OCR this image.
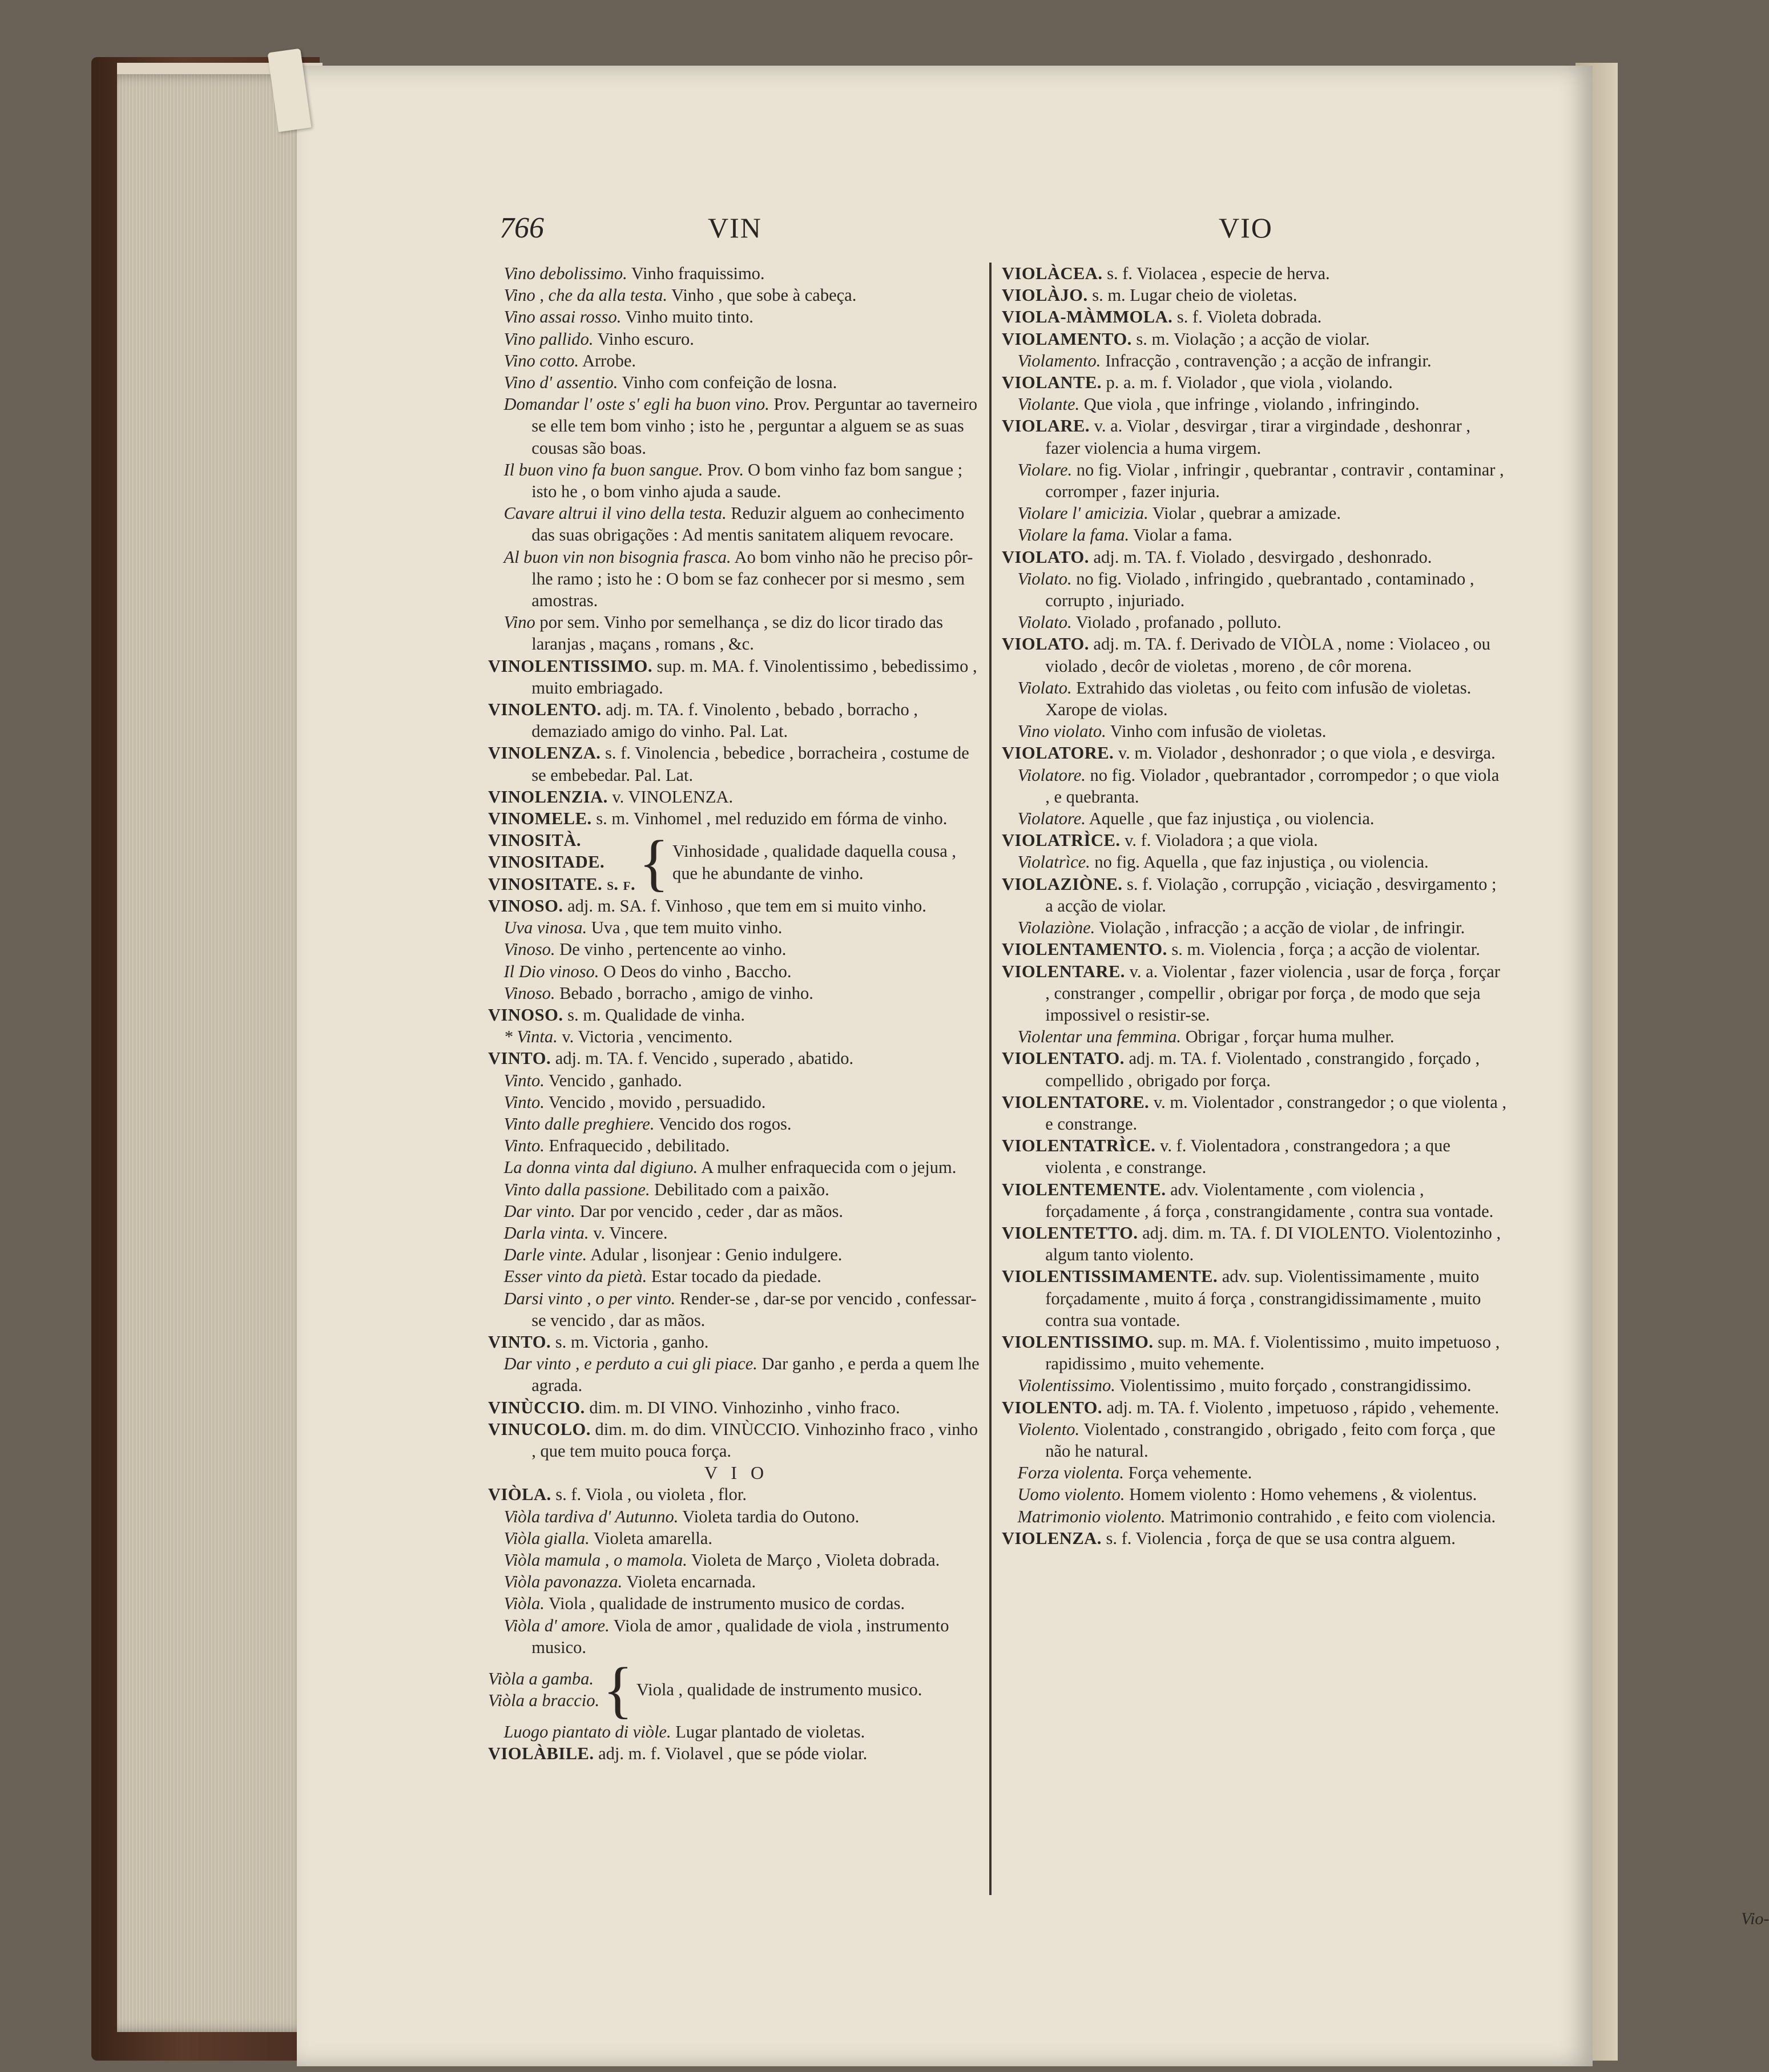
766	VIN	VIO
Vino debolissimo. Vinho fraquissimo.
Vino , che da alla testa. Vinho , que sobe à cabeça.
Vino assai rosso. Vinho muito tinto.
Vino pallido. Vinho escuro.
Vino cotto. Arrobe.
Vino d' assentio. Vinho com confeição de losna.
Domandar l' oste s' egli ha buon vino. Prov. Perguntar ao taverneiro se elle tem bom vinho ; isto he , perguntar a alguem se as suas cousas são boas.
Il buon vino fa buon sangue. Prov. O bom vinho faz bom sangue ; isto he , o bom vinho ajuda a saude.
Cavare altrui il vino della testa. Reduzir alguem ao conhecimento das suas obrigações : Ad mentis sanitatem aliquem revocare.
Al buon vin non bisognia frasca. Ao bom vinho não he preciso pôr-lhe ramo ; isto he : O bom se faz conhecer por si mesmo , sem amostras.
Vino por sem. Vinho por semelhança , se diz do licor tirado das laranjas , maçans , romans , &c.
VINOLENTISSIMO. sup. m. MA. f. Vinolentissimo , bebedissimo , muito embriagado.
VINOLENTO. adj. m. TA. f. Vinolento , bebado , borracho , demaziado amigo do vinho. Pal. Lat.
VINOLENZA. s. f. Vinolencia , bebedice , borracheira , costume de se embebedar. Pal. Lat.
VINOLENZIA. v. VINOLENZA.
VINOMELE. s. m. Vinhomel , mel reduzido em fórma de vinho.
VINOSITÀ.
VINOSITADE.
VINOSITATE. s. f. { Vinhosidade , qualidade daquella cousa , que he abundante de vinho.
VINOSO. adj. m. SA. f. Vinhoso , que tem em si muito vinho.
Uva vinosa. Uva , que tem muito vinho.
Vinoso. De vinho , pertencente ao vinho.
Il Dio vinoso. O Deos do vinho , Baccho.
Vinoso. Bebado , borracho , amigo de vinho.
VINOSO. s. m. Qualidade de vinha.
* Vinta. v. Victoria , vencimento.
VINTO. adj. m. TA. f. Vencido , superado , abatido.
Vinto. Vencido , ganhado.
Vinto. Vencido , movido , persuadido.
Vinto dalle preghiere. Vencido dos rogos.
Vinto. Enfraquecido , debilitado.
La donna vinta dal digiuno. A mulher enfraquecida com o jejum.
Vinto dalla passione. Debilitado com a paixão.
Dar vinto. Dar por vencido , ceder , dar as mãos.
Darla vinta. v. Vincere.
Darle vinte. Adular , lisonjear : Genio indulgere.
Esser vinto da pietà. Estar tocado da piedade.
Darsi vinto , o per vinto. Render-se , dar-se por vencido , confessar-se vencido , dar as mãos.
VINTO. s. m. Victoria , ganho.
Dar vinto , e perduto a cui gli piace. Dar ganho , e perda a quem lhe agrada.
VINÙCCIO. dim. m. DI VINO. Vinhozinho , vinho fraco.
VINUCOLO. dim. m. do dim. VINÙCCIO. Vinhozinho fraco , vinho , que tem muito pouca força.
V I O
VIÒLA. s. f. Viola , ou violeta , flor.
Viòla tardiva d' Autunno. Violeta tardia do Outono.
Viòla gialla. Violeta amarella.
Viòla mamula , o mamola. Violeta de Março , Violeta dobrada.
Viòla pavonazza. Violeta encarnada.
Viòla. Viola , qualidade de instrumento musico de cordas.
Viòla d' amore. Viola de amor , qualidade de viola , instrumento musico.
Viòla a gamba.
Viòla a braccio. { Viola , qualidade de instrumento musico.
Luogo piantato di viòle. Lugar plantado de violetas.
VIOLÀBILE. adj. m. f. Violavel , que se póde violar.
VIOLÀCEA. s. f. Violacea , especie de herva.
VIOLÀJO. s. m. Lugar cheio de violetas.
VIOLA-MÀMMOLA. s. f. Violeta dobrada.
VIOLAMENTO. s. m. Violação ; a acção de violar.
Violamento. Infracção , contravenção ; a acção de infrangir.
VIOLANTE. p. a. m. f. Violador , que viola , violando.
Violante. Que viola , que infringe , violando , infringindo.
VIOLARE. v. a. Violar , desvirgar , tirar a virgindade , deshonrar , fazer violencia a huma virgem.
Violare. no fig. Violar , infringir , quebrantar , contravir , contaminar , corromper , fazer injuria.
Violare l' amicizia. Violar , quebrar a amizade.
Violare la fama. Violar a fama.
VIOLATO. adj. m. TA. f. Violado , desvirgado , deshonrado.
Violato. no fig. Violado , infringido , quebrantado , contaminado , corrupto , injuriado.
Violato. Violado , profanado , polluto.
VIOLATO. adj. m. TA. f. Derivado de VIÒLA , nome : Violaceo , ou violado , decôr de violetas , moreno , de côr morena.
Violato. Extrahido das violetas , ou feito com infusão de violetas. Xarope de violas.
Vino violato. Vinho com infusão de violetas.
VIOLATORE. v. m. Violador , deshonrador ; o que viola , e desvirga.
Violatore. no fig. Violador , quebrantador , corrompedor ; o que viola , e quebranta.
Violatore. Aquelle , que faz injustiça , ou violencia.
VIOLATRÌCE. v. f. Violadora ; a que viola.
Violatrìce. no fig. Aquella , que faz injustiça , ou violencia.
VIOLAZIÒNE. s. f. Violação , corrupção , viciação , desvirgamento ; a acção de violar.
Violaziòne. Violação , infracção ; a acção de violar , de infringir.
VIOLENTAMENTO. s. m. Violencia , força ; a acção de violentar.
VIOLENTARE. v. a. Violentar , fazer violencia , usar de força , forçar , constranger , compellir , obrigar por força , de modo que seja impossivel o resistir-se.
Violentar una femmina. Obrigar , forçar huma mulher.
VIOLENTATO. adj. m. TA. f. Violentado , constrangido , forçado , compellido , obrigado por força.
VIOLENTATORE. v. m. Violentador , constrangedor ; o que violenta , e constrange.
VIOLENTATRÌCE. v. f. Violentadora , constrangedora ; a que violenta , e constrange.
VIOLENTEMENTE. adv. Violentamente , com violencia , forçadamente , á força , constrangidamente , contra sua vontade.
VIOLENTETTO. adj. dim. m. TA. f. DI VIOLENTO. Violentozinho , algum tanto violento.
VIOLENTISSIMAMENTE. adv. sup. Violentissimamente , muito forçadamente , muito á força , constrangidissimamente , muito contra sua vontade.
VIOLENTISSIMO. sup. m. MA. f. Violentissimo , muito impetuoso , rapidissimo , muito vehemente.
Violentissimo. Violentissimo , muito forçado , constrangidissimo.
VIOLENTO. adj. m. TA. f. Violento , impetuoso , rápido , vehemente.
Violento. Violentado , constrangido , obrigado , feito com força , que não he natural.
Forza violenta. Força vehemente.
Uomo violento. Homem violento : Homo vehemens , & violentus.
Matrimonio violento. Matrimonio contrahido , e feito com violencia.
VIOLENZA. s. f. Violencia , força de que se usa contra alguem.
Vio-
